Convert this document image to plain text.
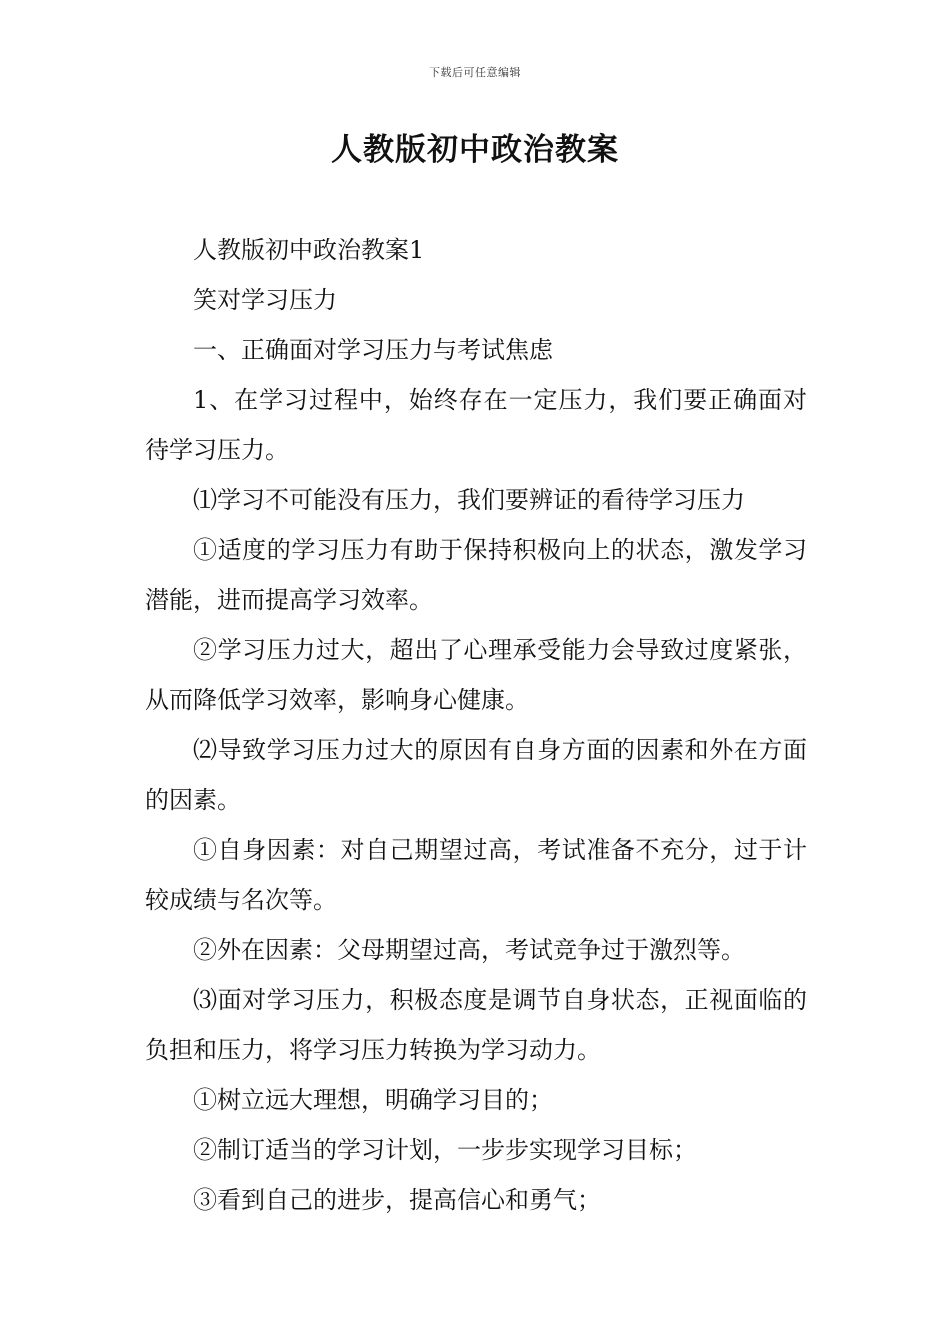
下载后可任意编辑
人教版初中政治教案

人教版初中政治教案1

笑对学习压力

一、正确面对学习压力与考试焦虑

1、在学习过程中，始终存在一定压力，我们要正确面对待学习压力。

⑴学习不可能没有压力，我们要辨证的看待学习压力

①适度的学习压力有助于保持积极向上的状态，激发学习潜能，进而提高学习效率。

②学习压力过大，超出了心理承受能力会导致过度紧张，从而降低学习效率，影响身心健康。

⑵导致学习压力过大的原因有自身方面的因素和外在方面的因素。

①自身因素：对自己期望过高，考试准备不充分，过于计较成绩与名次等。

②外在因素：父母期望过高，考试竞争过于激烈等。

⑶面对学习压力，积极态度是调节自身状态，正视面临的负担和压力，将学习压力转换为学习动力。

①树立远大理想，明确学习目的；

②制订适当的学习计划，一步步实现学习目标；

③看到自己的进步，提高信心和勇气；
